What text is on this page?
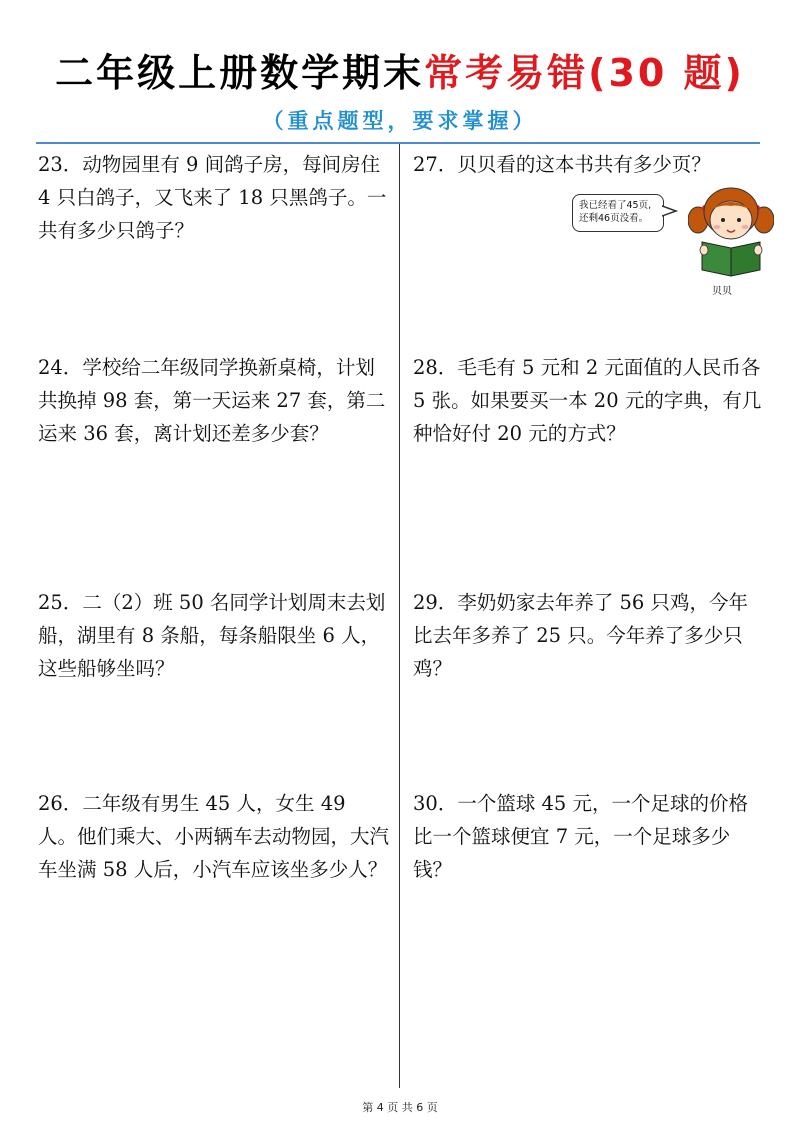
二年级上册数学期末常考易错(30 题)
（重点题型，要求掌握）
23．动物园里有 9 间鸽子房，每间房住 4 只白鸽子，又飞来了 18 只黑鸽子。一共有多少只鸽子？
24．学校给二年级同学换新桌椅，计划共换掉 98 套，第一天运来 27 套，第二运来 36 套，离计划还差多少套？
25．二（2）班 50 名同学计划周末去划船，湖里有 8 条船，每条船限坐 6 人，这些船够坐吗？
26．二年级有男生 45 人，女生 49 人。他们乘大、小两辆车去动物园，大汽车坐满 58 人后，小汽车应该坐多少人？
27．贝贝看的这本书共有多少页？
28．毛毛有 5 元和 2 元面值的人民币各 5 张。如果要买一本 20 元的字典，有几种恰好付 20 元的方式？
29．李奶奶家去年养了 56 只鸡，今年比去年多养了 25 只。今年养了多少只鸡？
30．一个篮球 45 元，一个足球的价格比一个篮球便宜 7 元，一个足球多少钱？
我已经看了45页,
还剩46页没看。
贝贝
第 4 页 共 6 页
